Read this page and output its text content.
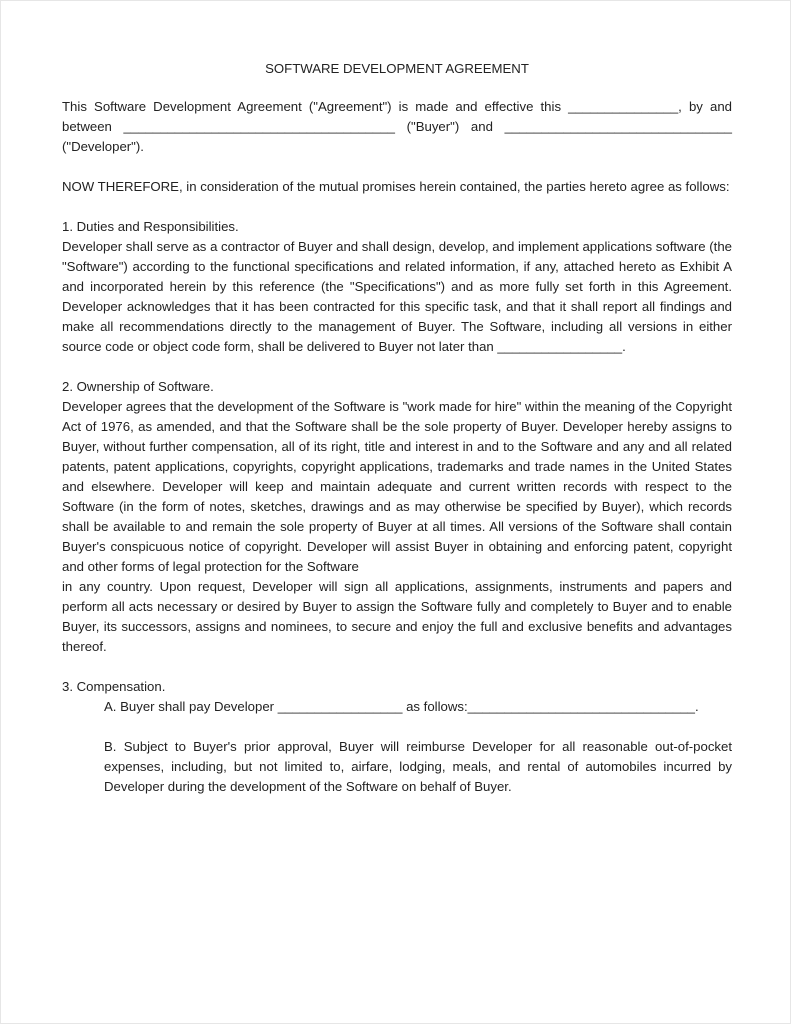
SOFTWARE DEVELOPMENT AGREEMENT

This Software Development Agreement ("Agreement") is made and effective this _______________, by and between _____________________________________ ("Buyer") and _______________________________ ("Developer").

NOW THEREFORE, in consideration of the mutual promises herein contained, the parties hereto agree as follows:

1. Duties and Responsibilities.

Developer shall serve as a contractor of Buyer and shall design, develop, and implement applications software (the "Software") according to the functional specifications and related information, if any, attached hereto as Exhibit A and incorporated herein by this reference (the "Specifications") and as more fully set forth in this Agreement. Developer acknowledges that it has been contracted for this specific task, and that it shall report all findings and make all recommendations directly to the management of Buyer. The Software, including all versions in either source code or object code form, shall be delivered to Buyer not later than _________________.

2. Ownership of Software.

Developer agrees that the development of the Software is "work made for hire" within the meaning of the Copyright Act of 1976, as amended, and that the Software shall be the sole property of Buyer. Developer hereby assigns to Buyer, without further compensation, all of its right, title and interest in and to the Software and any and all related patents, patent applications, copyrights, copyright applications, trademarks and trade names in the United States and elsewhere. Developer will keep and maintain adequate and current written records with respect to the Software (in the form of notes, sketches, drawings and as may otherwise be specified by Buyer), which records shall be available to and remain the sole property of Buyer at all times. All versions of the Software shall contain Buyer's conspicuous notice of copyright. Developer will assist Buyer in obtaining and enforcing patent, copyright and other forms of legal protection for the Software

in any country. Upon request, Developer will sign all applications, assignments, instruments and papers and perform all acts necessary or desired by Buyer to assign the Software fully and completely to Buyer and to enable Buyer, its successors, assigns and nominees, to secure and enjoy the full and exclusive benefits and advantages thereof.

3. Compensation.

A. Buyer shall pay Developer _________________ as follows:_______________________________.

B. Subject to Buyer's prior approval, Buyer will reimburse Developer for all reasonable out-of-pocket expenses, including, but not limited to, airfare, lodging, meals, and rental of automobiles incurred by Developer during the development of the Software on behalf of Buyer.
